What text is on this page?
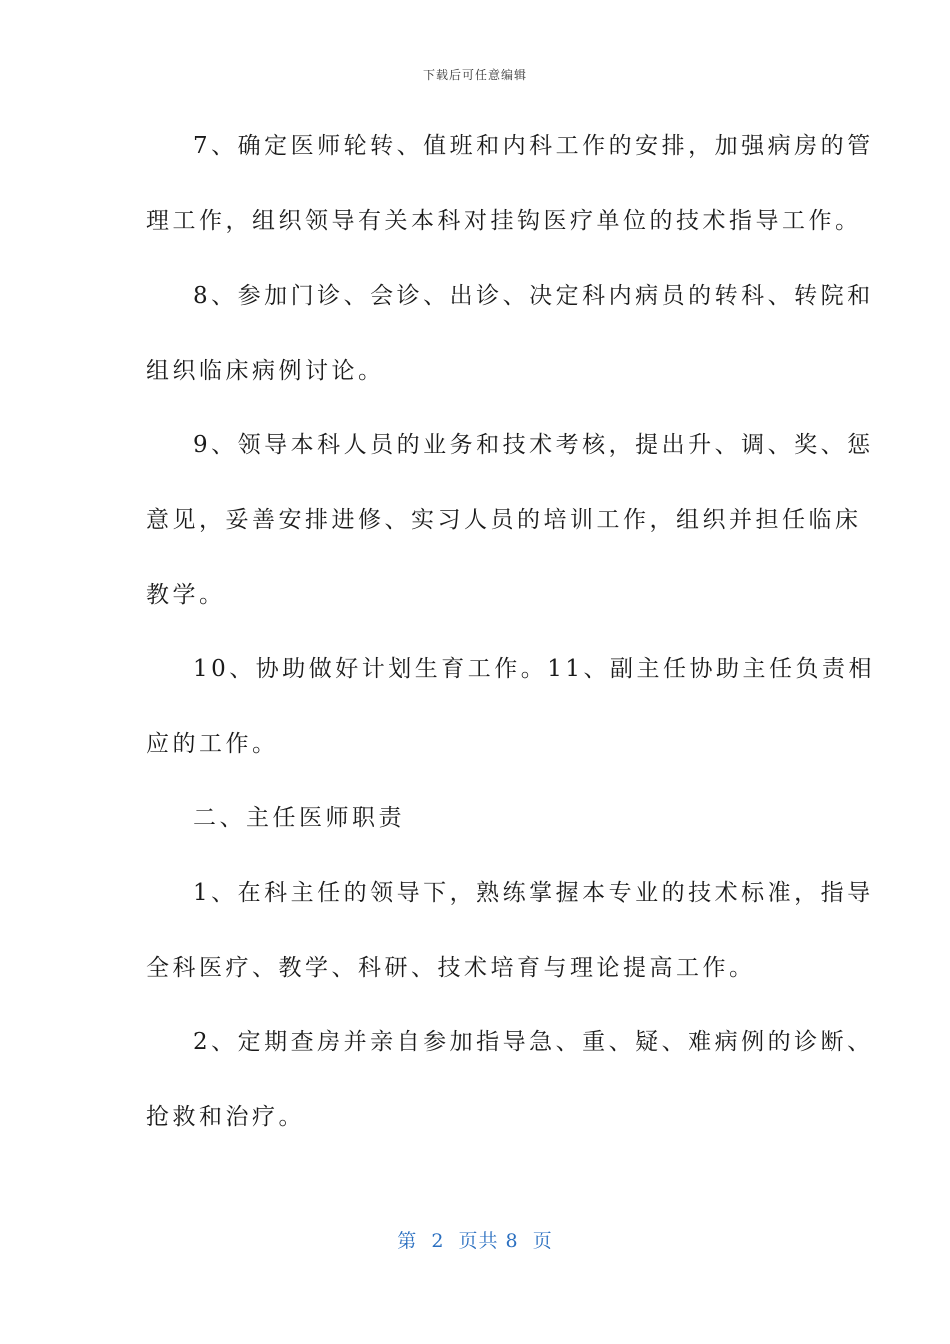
下载后可任意编辑
7、确定医师轮转、值班和内科工作的安排，加强病房的管
理工作，组织领导有关本科对挂钩医疗单位的技术指导工作。
8、参加门诊、会诊、出诊、决定科内病员的转科、转院和
组织临床病例讨论。
9、领导本科人员的业务和技术考核，提出升、调、奖、惩
意见，妥善安排进修、实习人员的培训工作，组织并担任临床
教学。
10、协助做好计划生育工作。11、副主任协助主任负责相
应的工作。
二、主任医师职责
1、在科主任的领导下，熟练掌握本专业的技术标准，指导
全科医疗、教学、科研、技术培育与理论提高工作。
2、定期查房并亲自参加指导急、重、疑、难病例的诊断、
抢救和治疗。
第  2  页共 8  页
